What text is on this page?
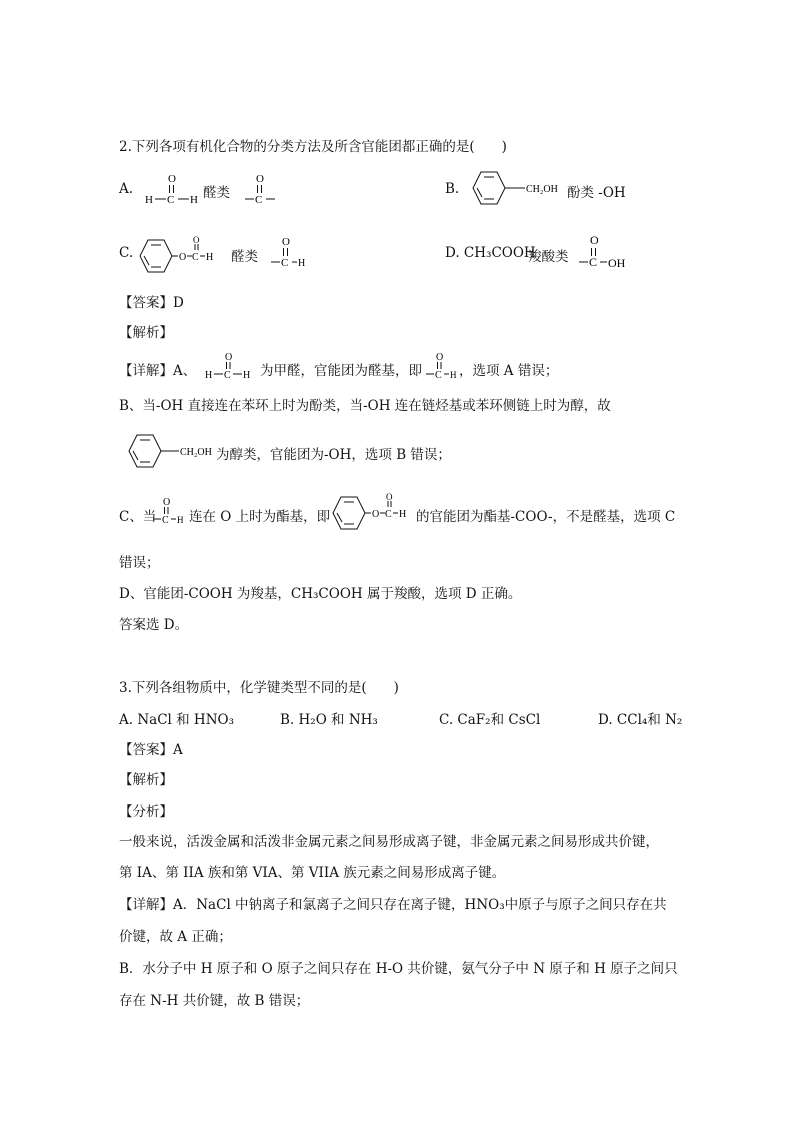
2.下列各项有机化合物的分类方法及所含官能团都正确的是(　　)
A.
O
H C H 醛类
O
C
B.	CH₂OH 酚类 -OH
C.	O C
O
H 醛类
O
C H
D. CH₃COOH
羧酸类
O
C OH
【答案】D
【解析】
【详解】A、
O
H C H 为甲醛，官能团为醛基，即
O
C H ，选项 A 错误；
B、当-OH 直接连在苯环上时为酚类，当-OH 连在链烃基或苯环侧链上时为醇，故
CH₂OH 为醇类，官能团为-OH，选项 B 错误；
C、当
O
C H 连在 O 上时为酯基，即	O C
O
H 的官能团为酯基-COO-，不是醛基，选项 C
错误；
D、官能团-COOH 为羧基，CH₃COOH 属于羧酸，选项 D 正确。
答案选 D。
3.下列各组物质中，化学键类型不同的是(　　)
A. NaCl 和 HNO₃	B. H₂O 和 NH₃	C. CaF₂和 CsCl	D. CCl₄和 N₂
【答案】A
【解析】
【分析】
一般来说，活泼金属和活泼非金属元素之间易形成离子键，非金属元素之间易形成共价键，
第 IA、第 IIA 族和第 VIA、第 VIIA 族元素之间易形成离子键。
【详解】A．NaCl 中钠离子和氯离子之间只存在离子键，HNO₃中原子与原子之间只存在共
价键，故 A 正确；
B．水分子中 H 原子和 O 原子之间只存在 H-O 共价键，氨气分子中 N 原子和 H 原子之间只
存在 N-H 共价键，故 B 错误；
